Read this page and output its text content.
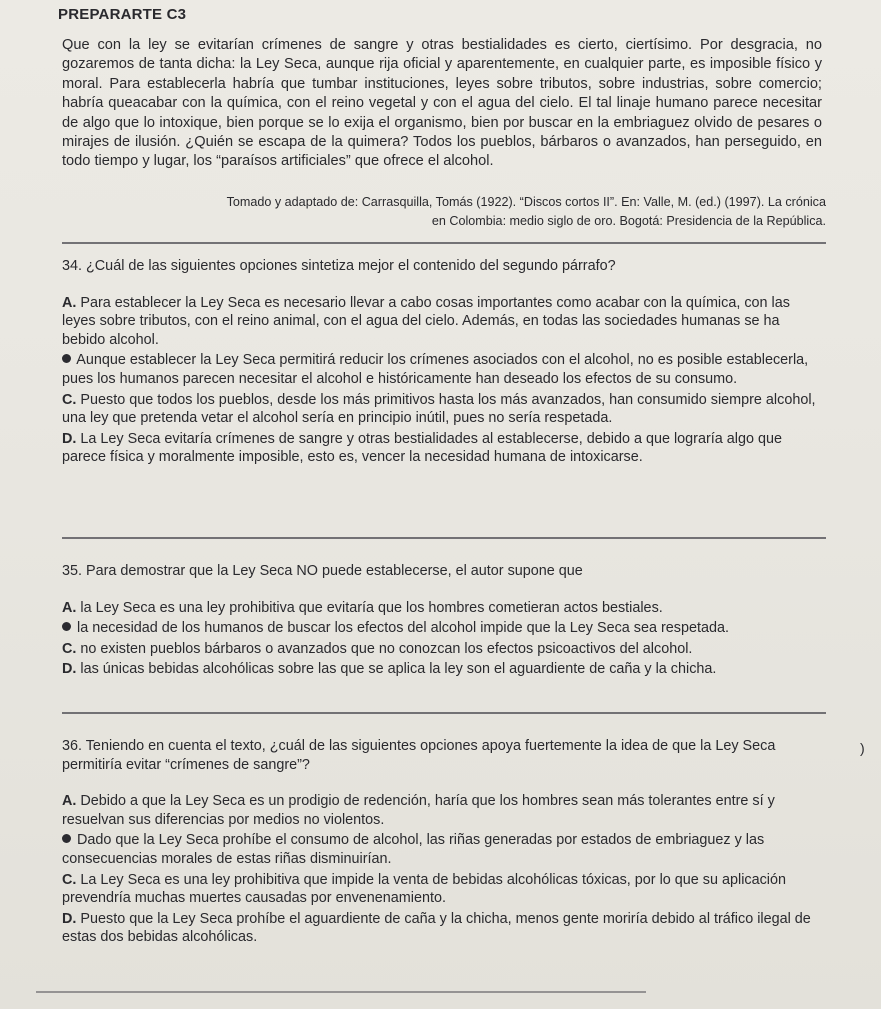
PREPARARTE C3

Que con la ley se evitarían crímenes de sangre y otras bestialidades es cierto, ciertísimo. Por desgracia, no gozaremos de tanta dicha: la Ley Seca, aunque rija oficial y aparentemente, en cualquier parte, es imposible físico y moral. Para establecerla habría que tumbar instituciones, leyes sobre tributos, sobre industrias, sobre comercio; habría queacabar con la química, con el reino vegetal y con el agua del cielo. El tal linaje humano parece necesitar de algo que lo intoxique, bien porque se lo exija el organismo, bien por buscar en la embriaguez olvido de pesares o mirajes de ilusión. ¿Quién se escapa de la quimera? Todos los pueblos, bárbaros o avanzados, han perseguido, en todo tiempo y lugar, los “paraísos artificiales” que ofrece el alcohol.

Tomado y adaptado de: Carrasquilla, Tomás (1922). “Discos cortos II”. En: Valle, M. (ed.) (1997). La crónica
en Colombia: medio siglo de oro. Bogotá: Presidencia de la República.

34. ¿Cuál de las siguientes opciones sintetiza mejor el contenido del segundo párrafo?

A. Para establecer la Ley Seca es necesario llevar a cabo cosas importantes como acabar con la química, con las leyes sobre tributos, con el reino animal, con el agua del cielo. Además, en todas las sociedades humanas se ha bebido alcohol.

Aunque establecer la Ley Seca permitirá reducir los crímenes asociados con el alcohol, no es posible establecerla, pues los humanos parecen necesitar el alcohol e históricamente han deseado los efectos de su consumo.

C. Puesto que todos los pueblos, desde los más primitivos hasta los más avanzados, han consumido siempre alcohol, una ley que pretenda vetar el alcohol sería en principio inútil, pues no sería respetada.

D. La Ley Seca evitaría crímenes de sangre y otras bestialidades al establecerse, debido a que lograría algo que parece física y moralmente imposible, esto es, vencer la necesidad humana de intoxicarse.

35. Para demostrar que la Ley Seca NO puede establecerse, el autor supone que

A. la Ley Seca es una ley prohibitiva que evitaría que los hombres cometieran actos bestiales.

la necesidad de los humanos de buscar los efectos del alcohol impide que la Ley Seca sea respetada.

C. no existen pueblos bárbaros o avanzados que no conozcan los efectos psicoactivos del alcohol.

D. las únicas bebidas alcohólicas sobre las que se aplica la ley son el aguardiente de caña y la chicha.

36. Teniendo en cuenta el texto, ¿cuál de las siguientes opciones apoya fuertemente la idea de que la Ley Seca permitiría evitar “crímenes de sangre”?

A. Debido a que la Ley Seca es un prodigio de redención, haría que los hombres sean más tolerantes entre sí y resuelvan sus diferencias por medios no violentos.

Dado que la Ley Seca prohíbe el consumo de alcohol, las riñas generadas por estados de embriaguez y las consecuencias morales de estas riñas disminuirían.

C. La Ley Seca es una ley prohibitiva que impide la venta de bebidas alcohólicas tóxicas, por lo que su aplicación prevendría muchas muertes causadas por envenenamiento.

D. Puesto que la Ley Seca prohíbe el aguardiente de caña y la chicha, menos gente moriría debido al tráfico ilegal de estas dos bebidas alcohólicas.

)
